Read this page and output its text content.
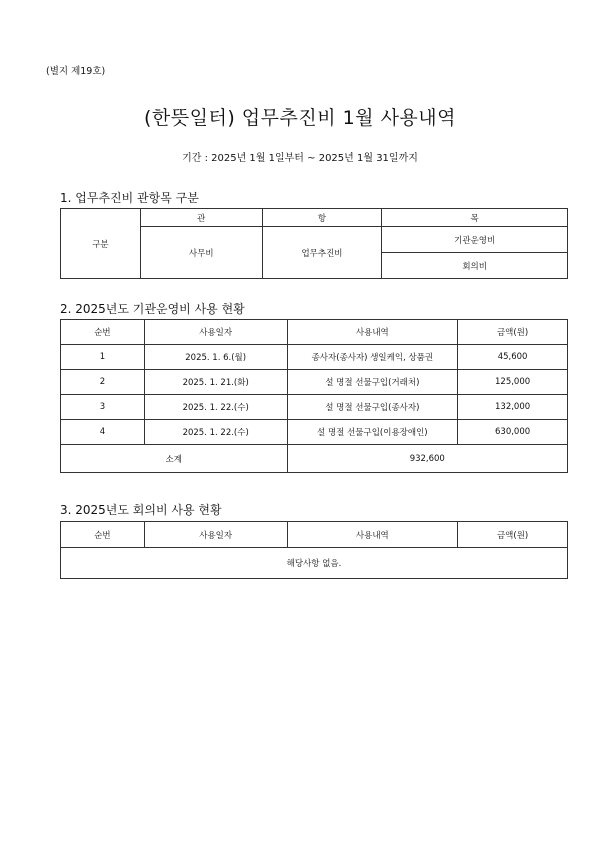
(별지 제19호)
(한뜻일터) 업무추진비 1월 사용내역
기간 : 2025년 1월 1일부터 ~ 2025년 1월 31일까지
1. 업무추진비 관항목 구분
구분	관	항	목
	사무비	업무추진비	기관운영비
			회의비
2. 2025년도 기관운영비 사용 현황
순번	사용일자	사용내역	금액(원)
1	2025. 1. 6.(월)	종사자(종사자) 생일케익, 상품권	45,600
2	2025. 1. 21.(화)	설 명절 선물구입(거래처)	125,000
3	2025. 1. 22.(수)	설 명절 선물구입(종사자)	132,000
4	2025. 1. 22.(수)	설 명절 선물구입(이용장애인)	630,000
소계		932,600	
3. 2025년도 회의비 사용 현황
순번	사용일자	사용내역	금액(원)
해당사항 없음.
